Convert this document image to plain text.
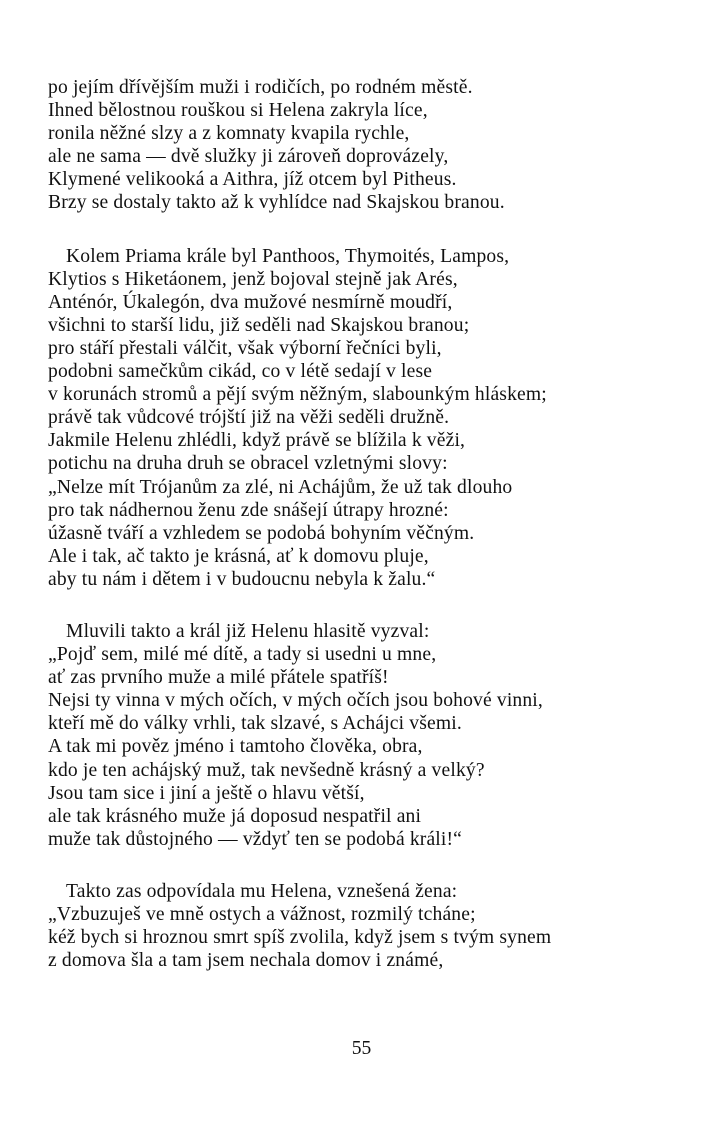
po jejím dřívějším muži i rodičích, po rodném městě.
Ihned bělostnou rouškou si Helena zakryla líce,
ronila něžné slzy a z komnaty kvapila rychle,
ale ne sama — dvě služky ji zároveň doprovázely,
Klymené velikooká a Aithra, jíž otcem byl Pitheus.
Brzy se dostaly takto až k vyhlídce nad Skajskou branou.
Kolem Priama krále byl Panthoos, Thymoités, Lampos,
Klytios s Hiketáonem, jenž bojoval stejně jak Arés,
Anténór, Úkalegón, dva mužové nesmírně moudří,
všichni to starší lidu, již seděli nad Skajskou branou;
pro stáří přestali válčit, však výborní řečníci byli,
podobni samečkům cikád, co v létě sedají v lese
v korunách stromů a pějí svým něžným, slabounkým hláskem;
právě tak vůdcové trójští již na věži seděli družně.
Jakmile Helenu zhlédli, když právě se blížila k věži,
potichu na druha druh se obracel vzletnými slovy:
„Nelze mít Trójanům za zlé, ni Achájům, že už tak dlouho
pro tak nádhernou ženu zde snášejí útrapy hrozné:
úžasně tváří a vzhledem se podobá bohyním věčným.
Ale i tak, ač takto je krásná, ať k domovu pluje,
aby tu nám i dětem i v budoucnu nebyla k žalu.“
Mluvili takto a král již Helenu hlasitě vyzval:
„Pojď sem, milé mé dítě, a tady si usedni u mne,
ať zas prvního muže a milé přátele spatříš!
Nejsi ty vinna v mých očích, v mých očích jsou bohové vinni,
kteří mě do války vrhli, tak slzavé, s Achájci všemi.
A tak mi pověz jméno i tamtoho člověka, obra,
kdo je ten achájský muž, tak nevšedně krásný a velký?
Jsou tam sice i jiní a ještě o hlavu větší,
ale tak krásného muže já doposud nespatřil ani
muže tak důstojného — vždyť ten se podobá králi!“
Takto zas odpovídala mu Helena, vznešená žena:
„Vzbuzuješ ve mně ostych a vážnost, rozmilý tcháne;
kéž bych si hroznou smrt spíš zvolila, když jsem s tvým synem
z domova šla a tam jsem nechala domov i známé,
55
